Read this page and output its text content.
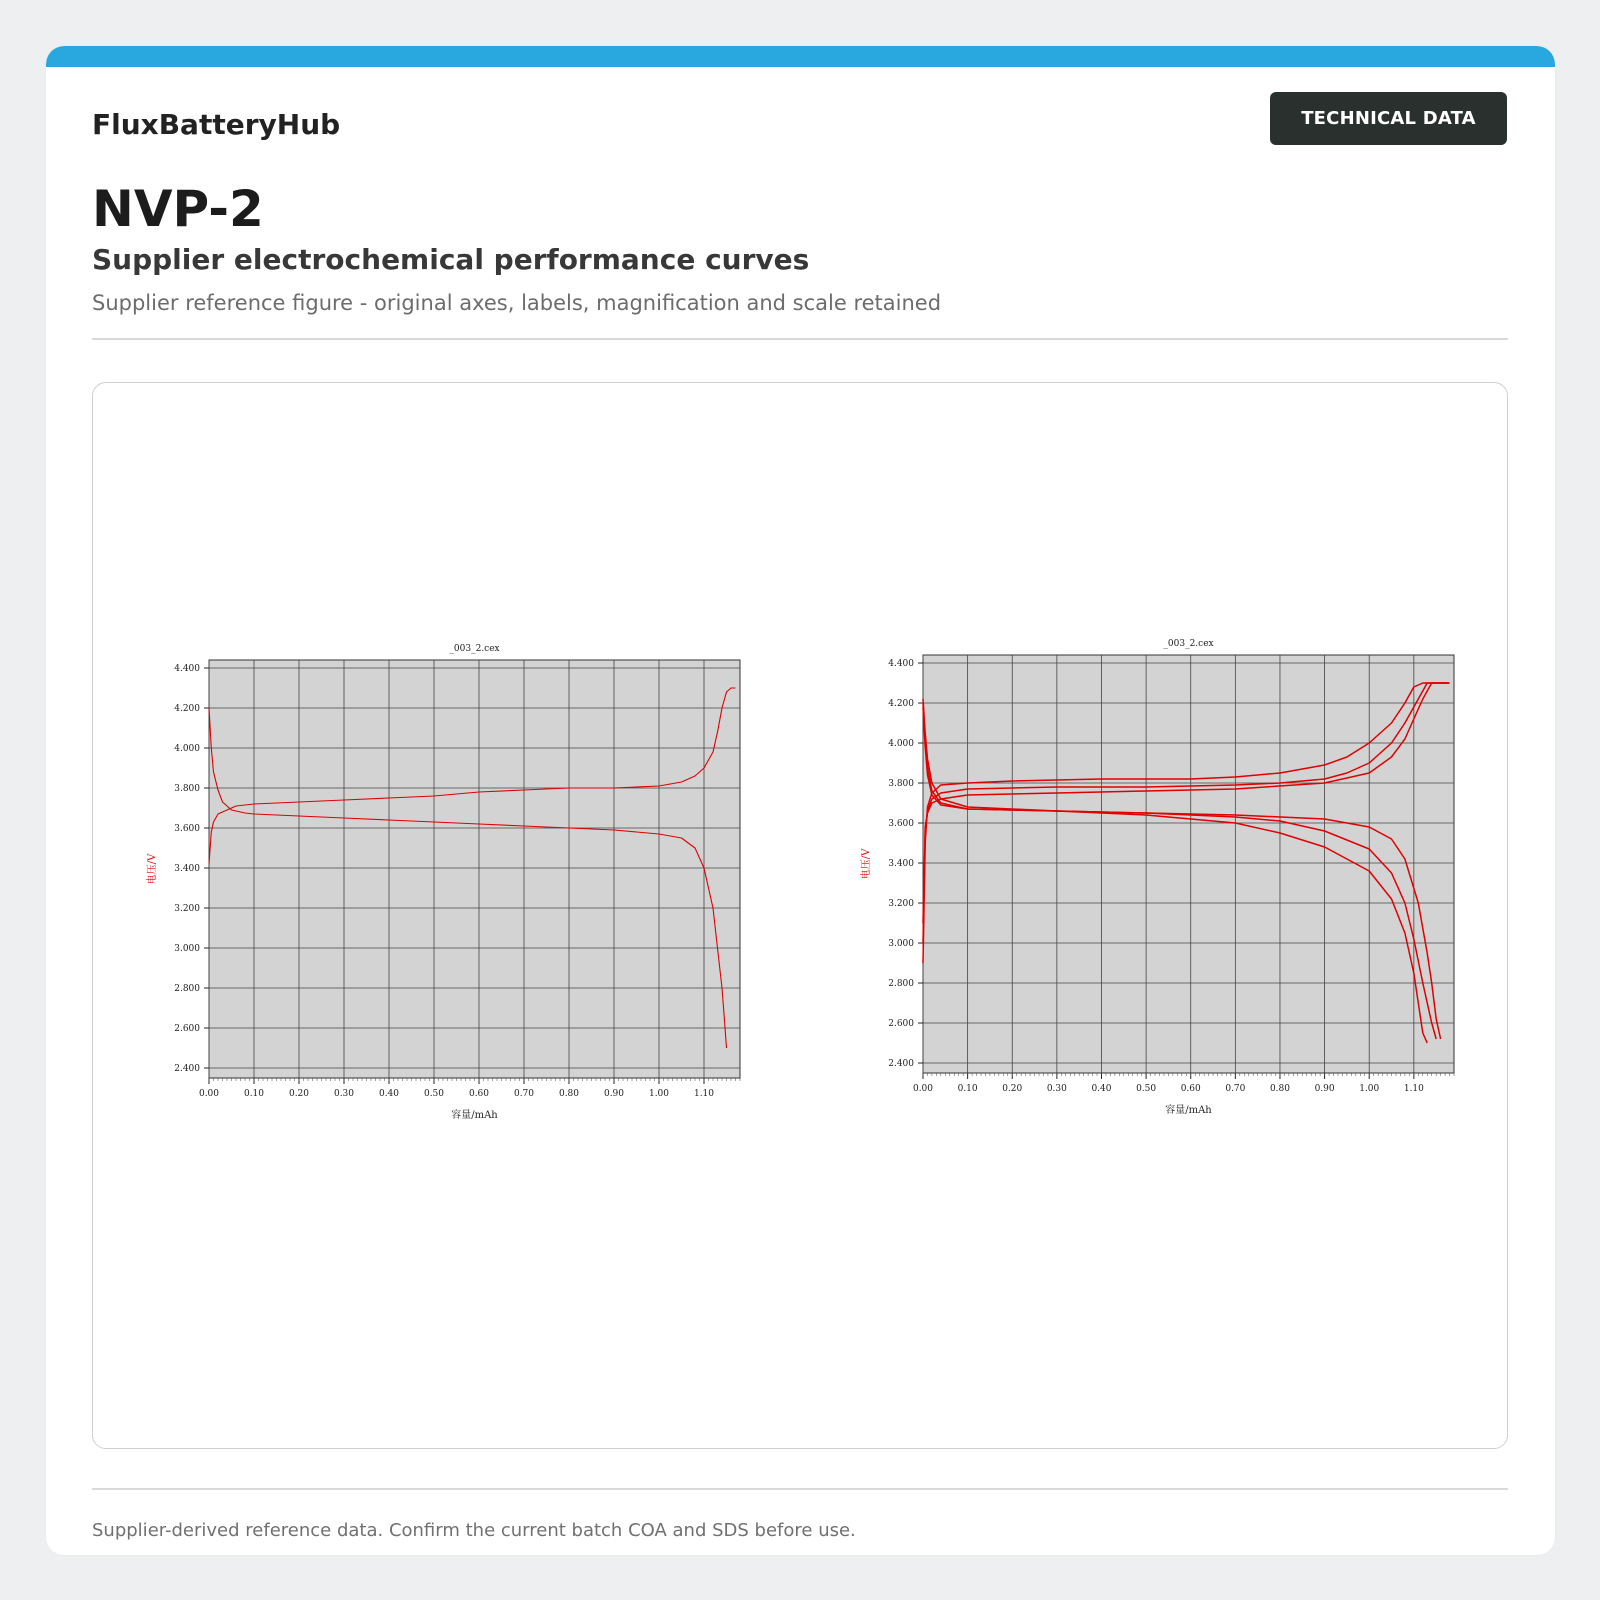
FluxBatteryHub	TECHNICAL DATA
NVP-2
Supplier electrochemical performance curves
Supplier reference figure - original axes, labels, magnification and scale retained
_003_2.cex
0.00	0.10	0.20	0.30	0.40	0.50	0.60	0.70	0.80	0.90	1.00	1.10
2.400
2.600
2.800
3.000
3.200
3.400
3.600
3.800
4.000
4.200
4.400
容量/mAh
电压/V
_003_2.cex
0.00	0.10	0.20	0.30	0.40	0.50	0.60	0.70	0.80	0.90	1.00	1.10
2.400
2.600
2.800
3.000
3.200
3.400
3.600
3.800
4.000
4.200
4.400
容量/mAh
电压/V
Supplier-derived reference data. Confirm the current batch COA and SDS before use.
